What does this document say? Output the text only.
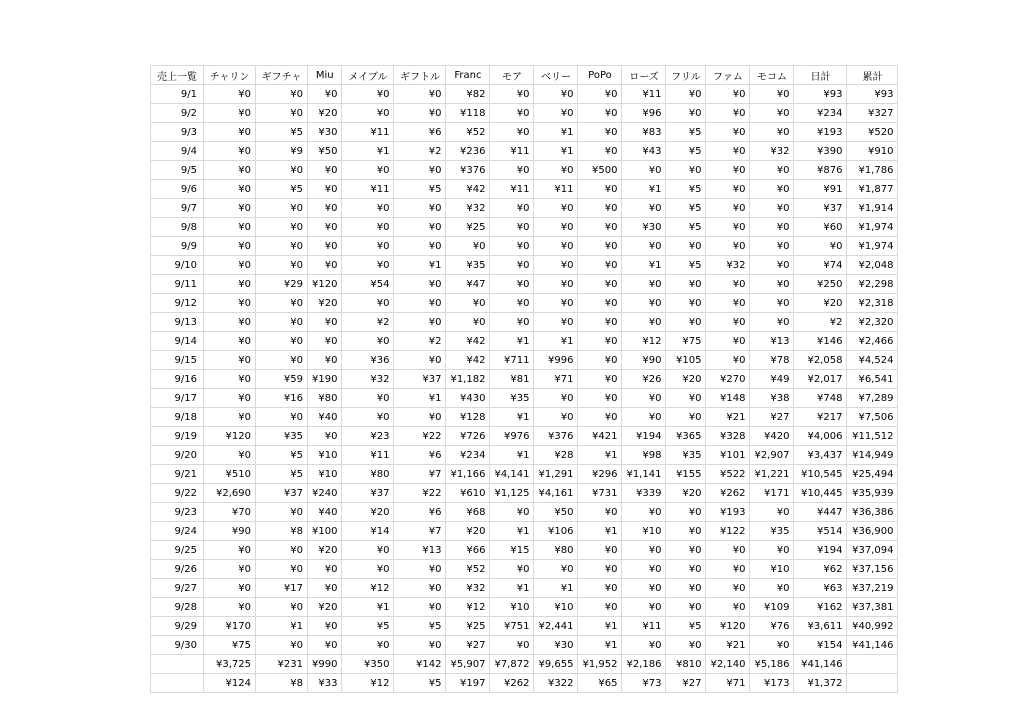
売上一覧	チャリン	ギフチャ	Miu	メイブル	ギフトル	Franc	モア	ベリー	PoPo	ローズ	フリル	ファム	モコム	日計	累計
9/1	¥0	¥0	¥0	¥0	¥0	¥82	¥0	¥0	¥0	¥11	¥0	¥0	¥0	¥93	¥93
9/2	¥0	¥0	¥20	¥0	¥0	¥118	¥0	¥0	¥0	¥96	¥0	¥0	¥0	¥234	¥327
9/3	¥0	¥5	¥30	¥11	¥6	¥52	¥0	¥1	¥0	¥83	¥5	¥0	¥0	¥193	¥520
9/4	¥0	¥9	¥50	¥1	¥2	¥236	¥11	¥1	¥0	¥43	¥5	¥0	¥32	¥390	¥910
9/5	¥0	¥0	¥0	¥0	¥0	¥376	¥0	¥0	¥500	¥0	¥0	¥0	¥0	¥876	¥1,786
9/6	¥0	¥5	¥0	¥11	¥5	¥42	¥11	¥11	¥0	¥1	¥5	¥0	¥0	¥91	¥1,877
9/7	¥0	¥0	¥0	¥0	¥0	¥32	¥0	¥0	¥0	¥0	¥5	¥0	¥0	¥37	¥1,914
9/8	¥0	¥0	¥0	¥0	¥0	¥25	¥0	¥0	¥0	¥30	¥5	¥0	¥0	¥60	¥1,974
9/9	¥0	¥0	¥0	¥0	¥0	¥0	¥0	¥0	¥0	¥0	¥0	¥0	¥0	¥0	¥1,974
9/10	¥0	¥0	¥0	¥0	¥1	¥35	¥0	¥0	¥0	¥1	¥5	¥32	¥0	¥74	¥2,048
9/11	¥0	¥29	¥120	¥54	¥0	¥47	¥0	¥0	¥0	¥0	¥0	¥0	¥0	¥250	¥2,298
9/12	¥0	¥0	¥20	¥0	¥0	¥0	¥0	¥0	¥0	¥0	¥0	¥0	¥0	¥20	¥2,318
9/13	¥0	¥0	¥0	¥2	¥0	¥0	¥0	¥0	¥0	¥0	¥0	¥0	¥0	¥2	¥2,320
9/14	¥0	¥0	¥0	¥0	¥2	¥42	¥1	¥1	¥0	¥12	¥75	¥0	¥13	¥146	¥2,466
9/15	¥0	¥0	¥0	¥36	¥0	¥42	¥711	¥996	¥0	¥90	¥105	¥0	¥78	¥2,058	¥4,524
9/16	¥0	¥59	¥190	¥32	¥37	¥1,182	¥81	¥71	¥0	¥26	¥20	¥270	¥49	¥2,017	¥6,541
9/17	¥0	¥16	¥80	¥0	¥1	¥430	¥35	¥0	¥0	¥0	¥0	¥148	¥38	¥748	¥7,289
9/18	¥0	¥0	¥40	¥0	¥0	¥128	¥1	¥0	¥0	¥0	¥0	¥21	¥27	¥217	¥7,506
9/19	¥120	¥35	¥0	¥23	¥22	¥726	¥976	¥376	¥421	¥194	¥365	¥328	¥420	¥4,006	¥11,512
9/20	¥0	¥5	¥10	¥11	¥6	¥234	¥1	¥28	¥1	¥98	¥35	¥101	¥2,907	¥3,437	¥14,949
9/21	¥510	¥5	¥10	¥80	¥7	¥1,166	¥4,141	¥1,291	¥296	¥1,141	¥155	¥522	¥1,221	¥10,545	¥25,494
9/22	¥2,690	¥37	¥240	¥37	¥22	¥610	¥1,125	¥4,161	¥731	¥339	¥20	¥262	¥171	¥10,445	¥35,939
9/23	¥70	¥0	¥40	¥20	¥6	¥68	¥0	¥50	¥0	¥0	¥0	¥193	¥0	¥447	¥36,386
9/24	¥90	¥8	¥100	¥14	¥7	¥20	¥1	¥106	¥1	¥10	¥0	¥122	¥35	¥514	¥36,900
9/25	¥0	¥0	¥20	¥0	¥13	¥66	¥15	¥80	¥0	¥0	¥0	¥0	¥0	¥194	¥37,094
9/26	¥0	¥0	¥0	¥0	¥0	¥52	¥0	¥0	¥0	¥0	¥0	¥0	¥10	¥62	¥37,156
9/27	¥0	¥17	¥0	¥12	¥0	¥32	¥1	¥1	¥0	¥0	¥0	¥0	¥0	¥63	¥37,219
9/28	¥0	¥0	¥20	¥1	¥0	¥12	¥10	¥10	¥0	¥0	¥0	¥0	¥109	¥162	¥37,381
9/29	¥170	¥1	¥0	¥5	¥5	¥25	¥751	¥2,441	¥1	¥11	¥5	¥120	¥76	¥3,611	¥40,992
9/30	¥75	¥0	¥0	¥0	¥0	¥27	¥0	¥30	¥1	¥0	¥0	¥21	¥0	¥154	¥41,146
	¥3,725	¥231	¥990	¥350	¥142	¥5,907	¥7,872	¥9,655	¥1,952	¥2,186	¥810	¥2,140	¥5,186	¥41,146	
	¥124	¥8	¥33	¥12	¥5	¥197	¥262	¥322	¥65	¥73	¥27	¥71	¥173	¥1,372	
